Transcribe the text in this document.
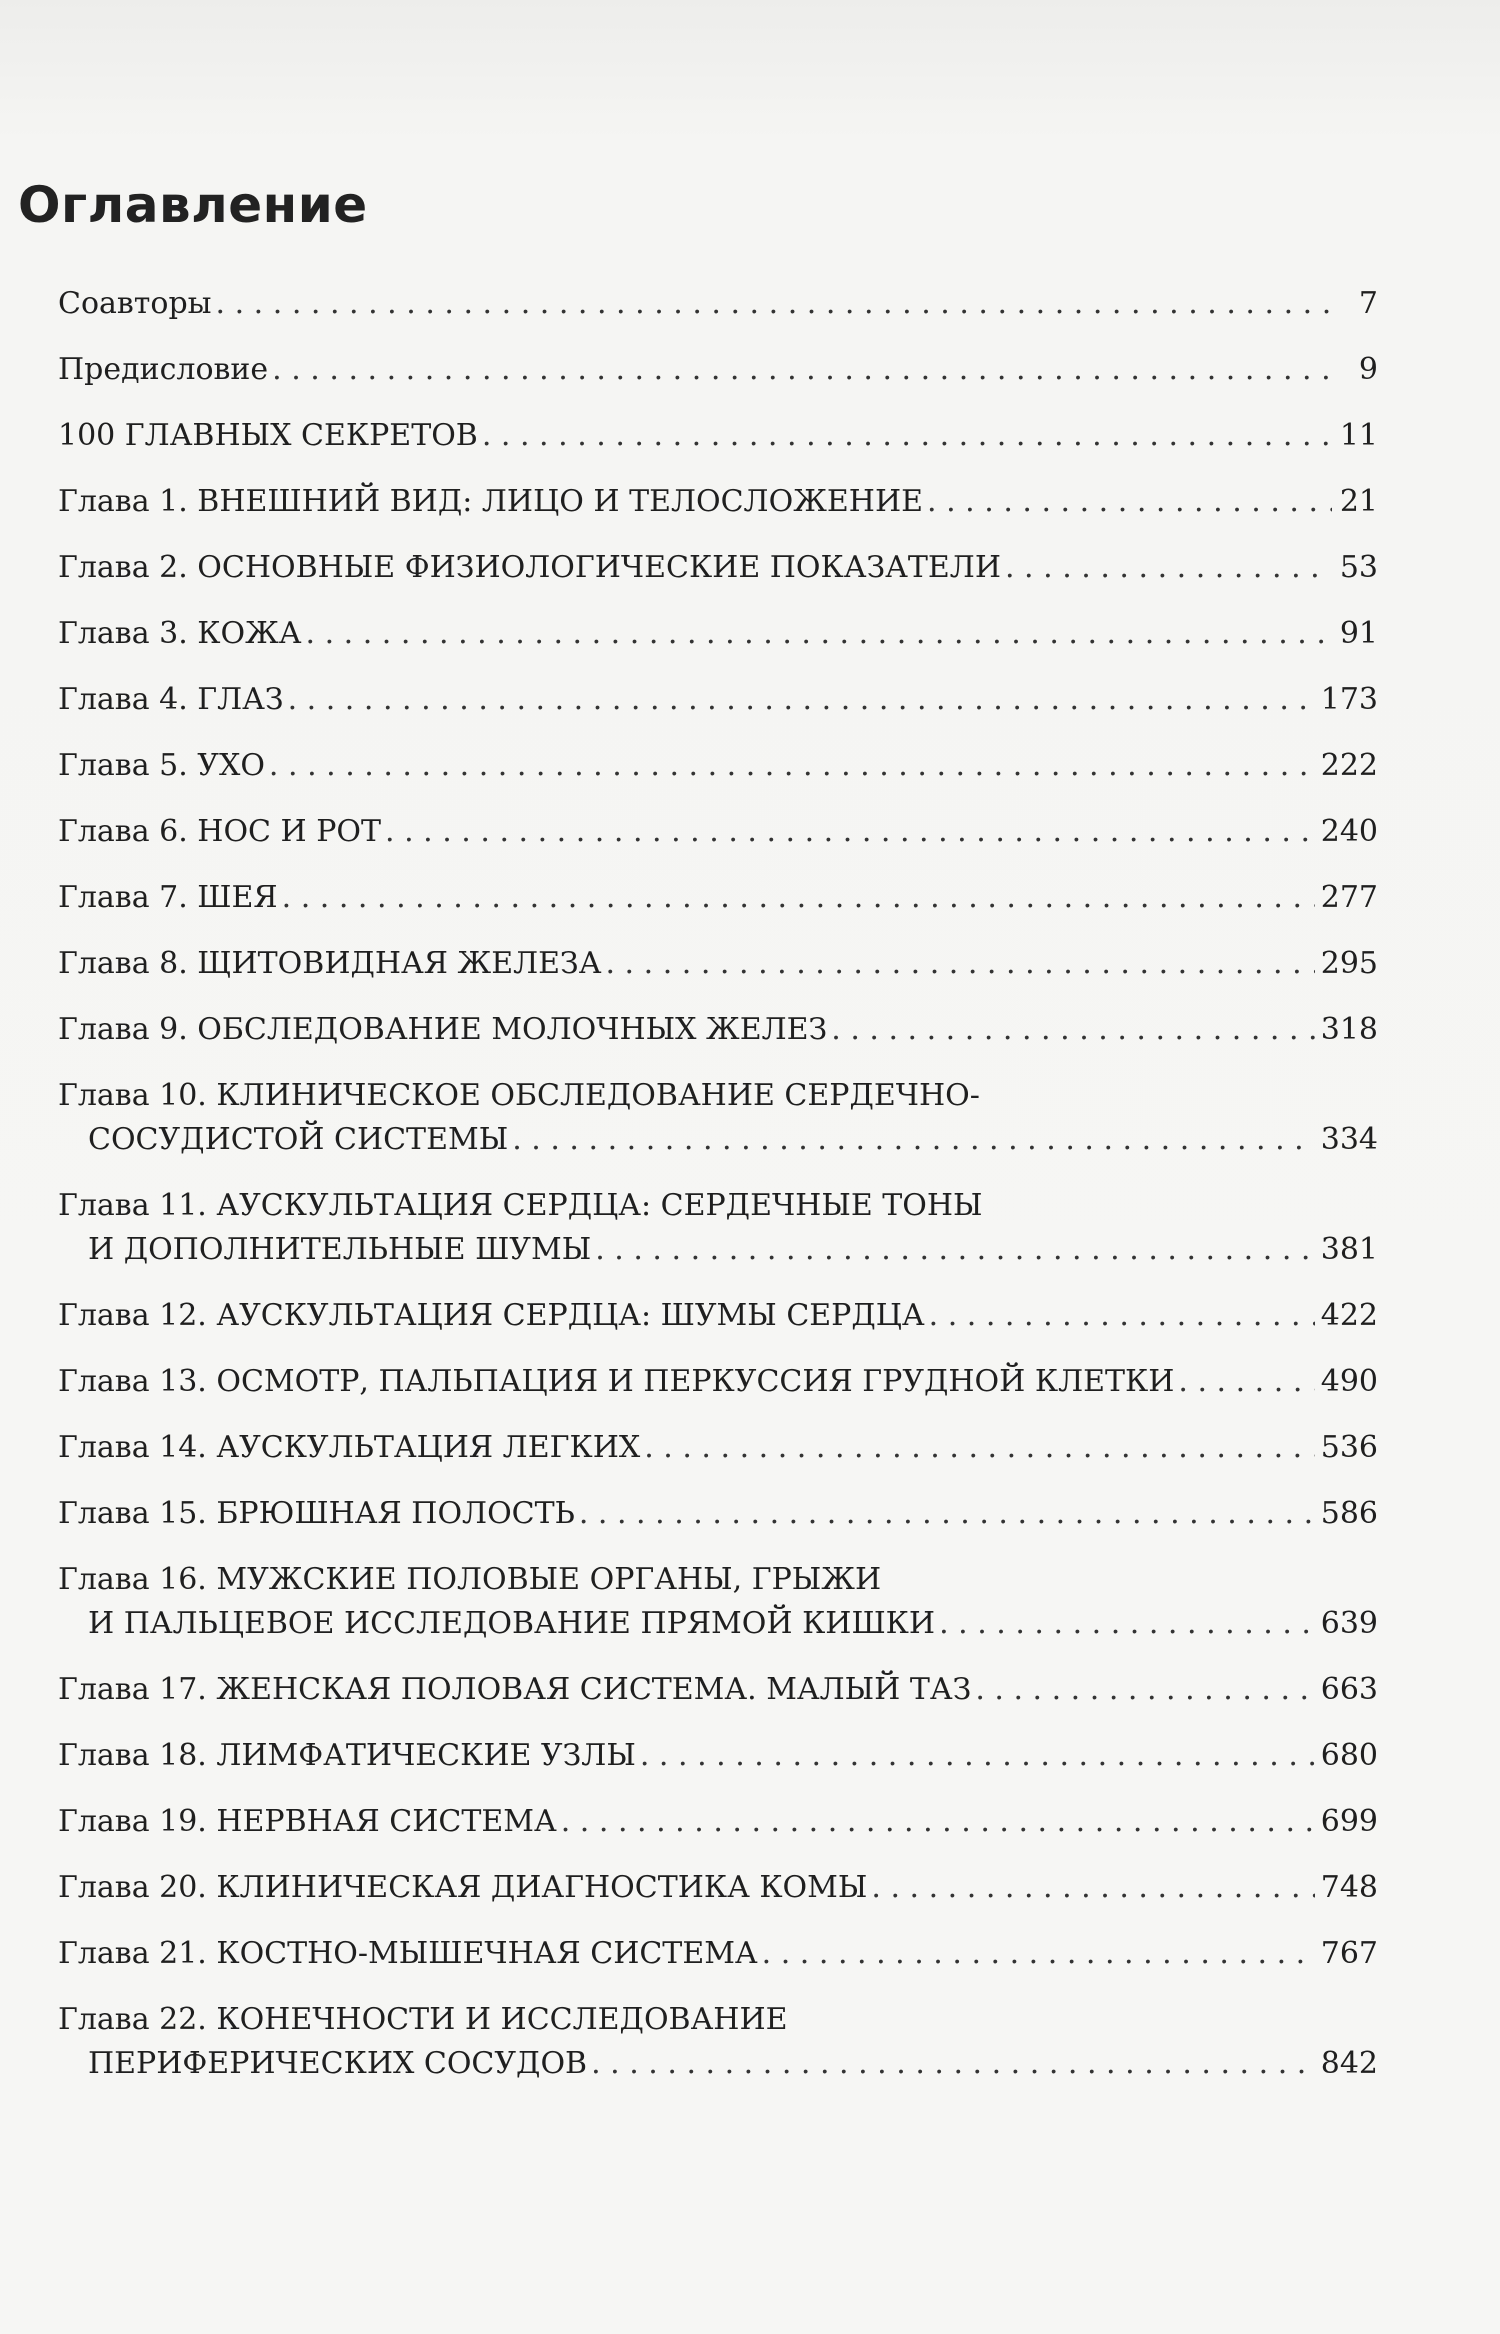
Оглавление
Соавторы . . .	7
Предисловие . . .	9
100 ГЛАВНЫХ СЕКРЕТОВ . . .	11
Глава 1. ВНЕШНИЙ ВИД: ЛИЦО И ТЕЛОСЛОЖЕНИЕ . . .	21
Глава 2. ОСНОВНЫЕ ФИЗИОЛОГИЧЕСКИЕ ПОКАЗАТЕЛИ . . .	53
Глава 3. КОЖА . . .	91
Глава 4. ГЛАЗ . . .	173
Глава 5. УХО . . .	222
Глава 6. НОС И РОТ . . .	240
Глава 7. ШЕЯ . . .	277
Глава 8. ЩИТОВИДНАЯ ЖЕЛЕЗА . . .	295
Глава 9. ОБСЛЕДОВАНИЕ МОЛОЧНЫХ ЖЕЛЕЗ . . .	318
Глава 10. КЛИНИЧЕСКОЕ ОБСЛЕДОВАНИЕ СЕРДЕЧНО-
СОСУДИСТОЙ СИСТЕМЫ . . .	334
Глава 11. АУСКУЛЬТАЦИЯ СЕРДЦА: СЕРДЕЧНЫЕ ТОНЫ
И ДОПОЛНИТЕЛЬНЫЕ ШУМЫ . . .	381
Глава 12. АУСКУЛЬТАЦИЯ СЕРДЦА: ШУМЫ СЕРДЦА . . .	422
Глава 13. ОСМОТР, ПАЛЬПАЦИЯ И ПЕРКУССИЯ ГРУДНОЙ КЛЕТКИ . . .	490
Глава 14. АУСКУЛЬТАЦИЯ ЛЕГКИХ . . .	536
Глава 15. БРЮШНАЯ ПОЛОСТЬ . . .	586
Глава 16. МУЖСКИЕ ПОЛОВЫЕ ОРГАНЫ, ГРЫЖИ
И ПАЛЬЦЕВОЕ ИССЛЕДОВАНИЕ ПРЯМОЙ КИШКИ . . .	639
Глава 17. ЖЕНСКАЯ ПОЛОВАЯ СИСТЕМА. МАЛЫЙ ТАЗ . . .	663
Глава 18. ЛИМФАТИЧЕСКИЕ УЗЛЫ . . .	680
Глава 19. НЕРВНАЯ СИСТЕМА . . .	699
Глава 20. КЛИНИЧЕСКАЯ ДИАГНОСТИКА КОМЫ . . .	748
Глава 21. КОСТНО-МЫШЕЧНАЯ СИСТЕМА . . .	767
Глава 22. КОНЕЧНОСТИ И ИССЛЕДОВАНИЕ
ПЕРИФЕРИЧЕСКИХ СОСУДОВ . . .	842
